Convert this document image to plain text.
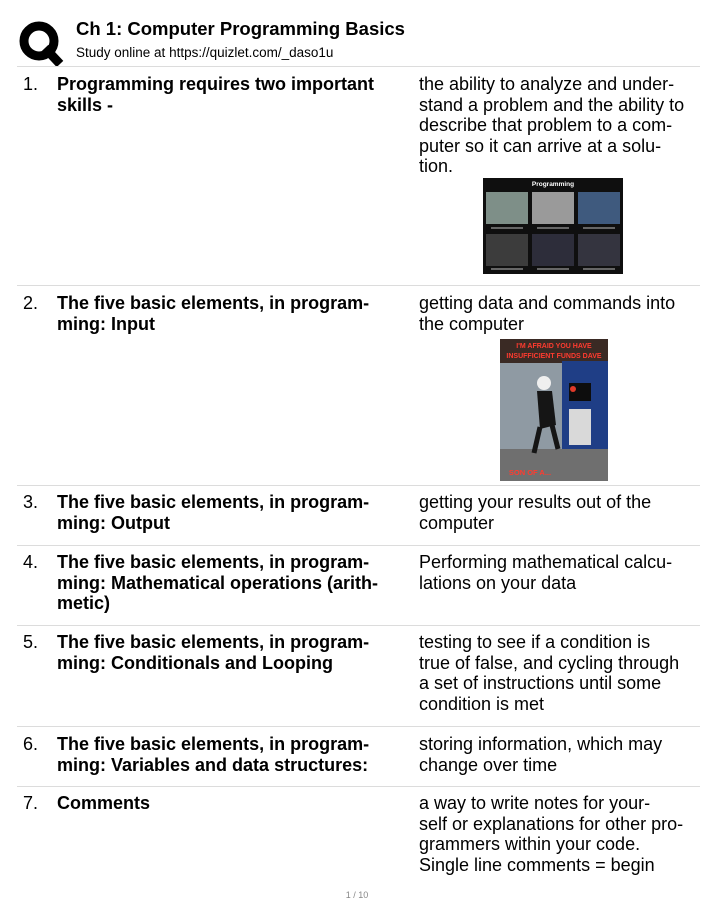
Ch 1: Computer Programming Basics
Study online at https://quizlet.com/_daso1u
1. Programming requires two important
skills -
the ability to analyze and under-
stand a problem and the ability to
describe that problem to a com-
puter so it can arrive at a solu-
tion.
Programming
2. The five basic elements, in program-
ming: Input
getting data and commands into
the computer
I'M AFRAID YOU HAVE
INSUFFICIENT FUNDS DAVE
SON OF A...
3. The five basic elements, in program-
ming: Output
getting your results out of the
computer
4. The five basic elements, in program-
ming: Mathematical operations (arith-
metic)
Performing mathematical calcu-
lations on your data
5. The five basic elements, in program-
ming: Conditionals and Looping
testing to see if a condition is
true of false, and cycling through
a set of instructions until some
condition is met
6. The five basic elements, in program-
ming: Variables and data structures:
storing information, which may
change over time
7. Comments	a way to write notes for your-
self or explanations for other pro-
grammers within your code.
Single line comments = begin
1 / 10
